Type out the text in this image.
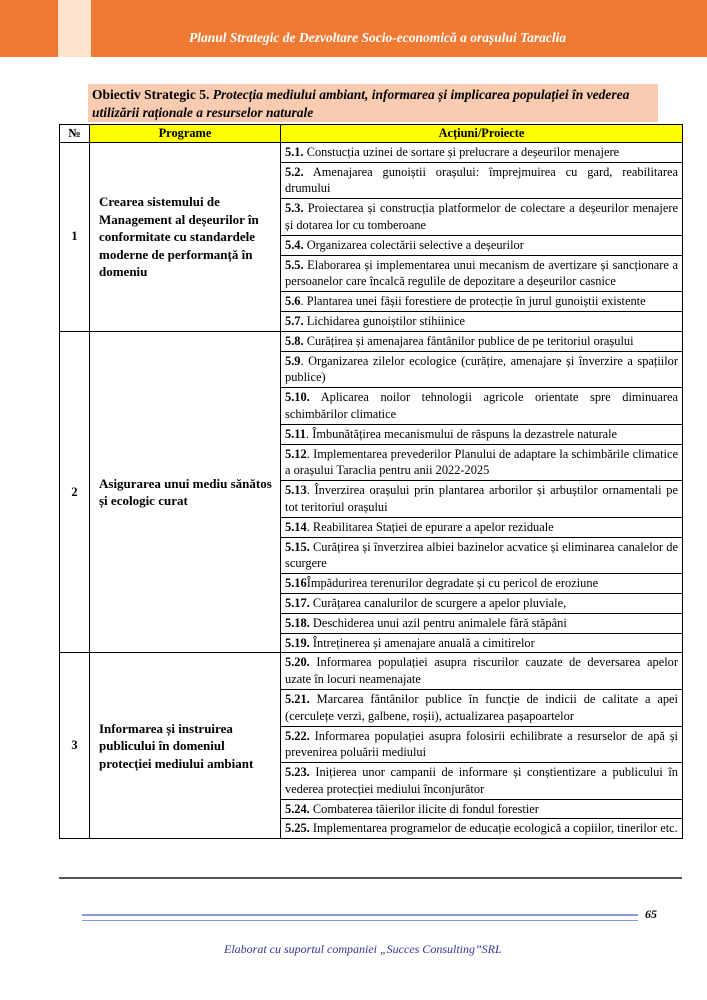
Planul Strategic de Dezvoltare Socio-economică a orașului Taraclia
Obiectiv Strategic 5. Protecția mediului ambiant, informarea și implicarea populației în vederea utilizării raționale a resurselor naturale
№	Programe	Acțiuni/Proiecte
1	Crearea sistemului de Management al deșeurilor în conformitate cu standardele moderne de performanță în domeniu	5.1. Constucția uzinei de sortare și prelucrare a deșeurilor menajere
		5.2. Amenajarea gunoiștii orașului: împrejmuirea cu gard, reabilitarea drumului
		5.3. Proiectarea și construcția platformelor de colectare a deșeurilor menajere și dotarea lor cu tomberoane
		5.4. Organizarea colectării selective a deșeurilor
		5.5. Elaborarea și implementarea unui mecanism de avertizare și sancționare a persoanelor care încalcă regulile de depozitare a deșeurilor casnice
		5.6. Plantarea unei fâșii forestiere de protecție în jurul gunoiștii existente
		5.7. Lichidarea gunoiștilor stihiinice
2	Asigurarea unui mediu sănătos și ecologic curat	5.8. Curățirea și amenajarea fântânilor publice de pe teritoriul orașului
		5.9. Organizarea zilelor ecologice (curățire, amenajare și înverzire a spațiilor publice)
		5.10. Aplicarea noilor tehnologii agricole orientate spre diminuarea schimbărilor climatice
		5.11. Îmbunătățirea mecanismului de răspuns la dezastrele naturale
		5.12. Implementarea prevederilor Planului de adaptare la schimbările climatice a orașului Taraclia pentru anii 2022-2025
		5.13. Înverzirea orașului prin plantarea arborilor și arbuștilor ornamentali pe tot teritoriul orașului
		5.14. Reabilitarea Stației de epurare a apelor reziduale
		5.15. Curățirea și înverzirea albiei bazinelor acvatice și eliminarea canalelor de scurgere
		5.16Împădurirea terenurilor degradate și cu pericol de eroziune
		5.17. Curățarea canalurilor de scurgere a apelor pluviale,
		5.18. Deschiderea unui azil pentru animalele fără stăpâni
		5.19. Întreținerea și amenajare anuală a cimitirelor
3	Informarea și instruirea publicului în domeniul protecției mediului ambiant	5.20. Informarea populației asupra riscurilor cauzate de deversarea apelor uzate în locuri neamenajate
		5.21. Marcarea fântânilor publice în funcție de indicii de calitate a apei (cerculețe verzi, galbene, roșii), actualizarea pașapoartelor
		5.22. Informarea populației asupra folosirii echilibrate a resurselor de apă și prevenirea poluării mediului
		5.23. Inițierea unor campanii de informare și conștientizare a publicului în vederea protecției mediului înconjurător
		5.24. Combaterea tăierilor ilicite di fondul forestier
		5.25. Implementarea programelor de educație ecologică a copiilor, tinerilor etc.
65
Elaborat cu suportul companiei „Succes Consulting”SRL
